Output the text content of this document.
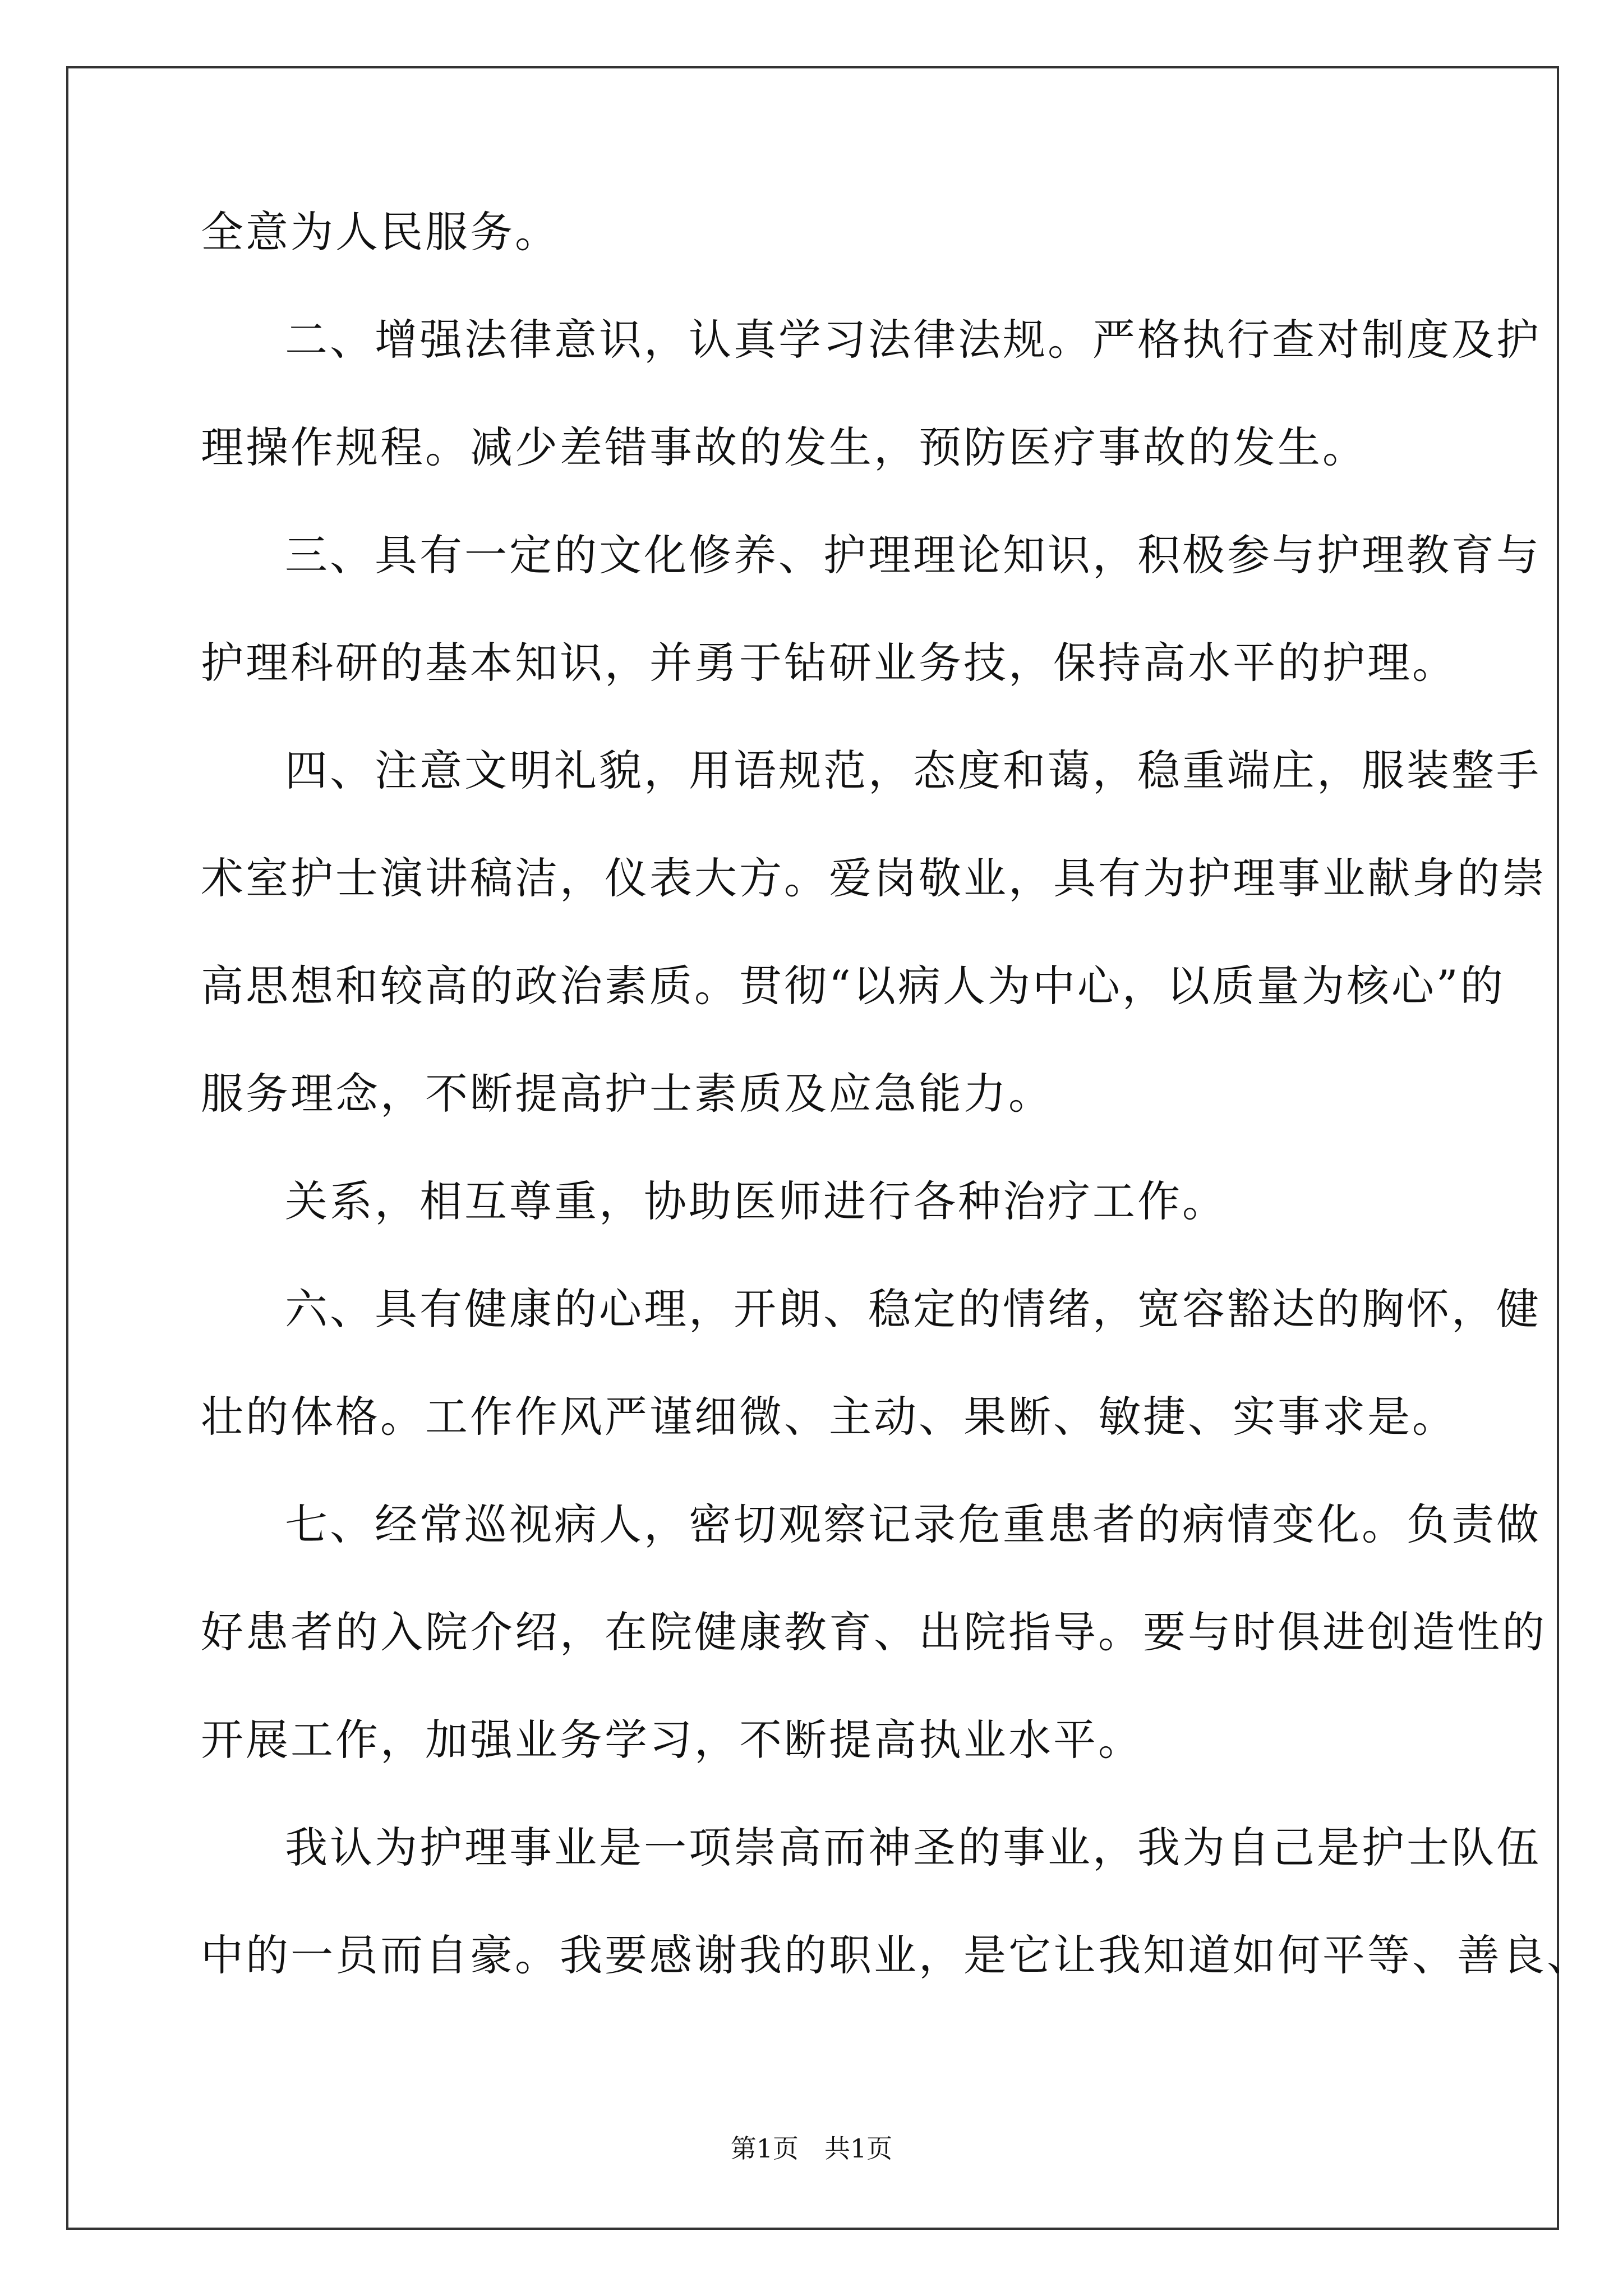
全意为人民服务。
二、增强法律意识，认真学习法律法规。严格执行查对制度及护
理操作规程。减少差错事故的发生，预防医疗事故的发生。
三、具有一定的文化修养、护理理论知识，积极参与护理教育与
护理科研的基本知识，并勇于钻研业务技，保持高水平的护理。
四、注意文明礼貌，用语规范，态度和蔼，稳重端庄，服装整手
术室护士演讲稿洁，仪表大方。爱岗敬业，具有为护理事业献身的崇
高思想和较高的政治素质。贯彻“以病人为中心，以质量为核心”的
服务理念，不断提高护士素质及应急能力。
关系，相互尊重，协助医师进行各种治疗工作。
六、具有健康的心理，开朗、稳定的情绪，宽容豁达的胸怀，健
壮的体格。工作作风严谨细微、主动、果断、敏捷、实事求是。
七、经常巡视病人，密切观察记录危重患者的病情变化。负责做
好患者的入院介绍，在院健康教育、出院指导。要与时俱进创造性的
开展工作，加强业务学习，不断提高执业水平。
我认为护理事业是一项崇高而神圣的事业，我为自己是护士队伍
中的一员而自豪。我要感谢我的职业，是它让我知道如何平等、善良、
第1页　共1页
